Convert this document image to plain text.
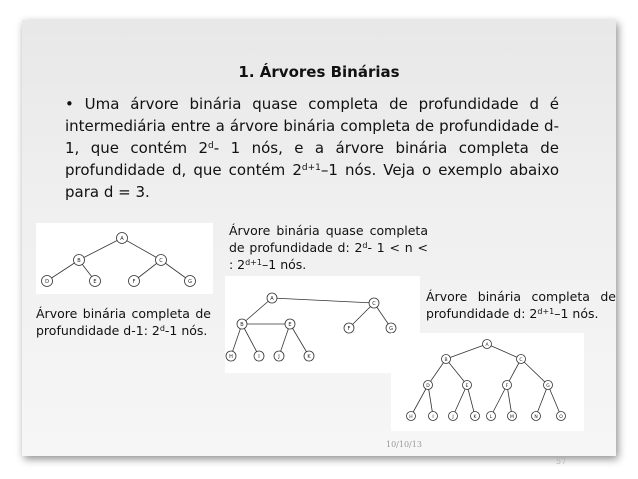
1. Árvores Binárias
• Uma árvore binária quase completa de profundidade d é intermediária entre a árvore binária completa de profundidade d-1, que contém 2$^d$- 1 nós, e a árvore binária completa de profundidade d, que contém $2^{d+1}-1$ nós. Veja o exemplo abaixo para d = 3.
Árvore binária quase completa de profundidade d: 2$^d$- 1 < n < : $2^{d+1}-1$ nós.
Árvore binária completa de profundidade d-1: 2$^d$-1 nós.
Árvore binária completa de profundidade d: $2^{d+1}-1$ nós.
A
B	C
D	E	F	G
A
B
C
E
F	G
H	I	J	K
A
B	C
D	E	F	G
H	I	J	K	L	M	N	O
10/10/13
57
